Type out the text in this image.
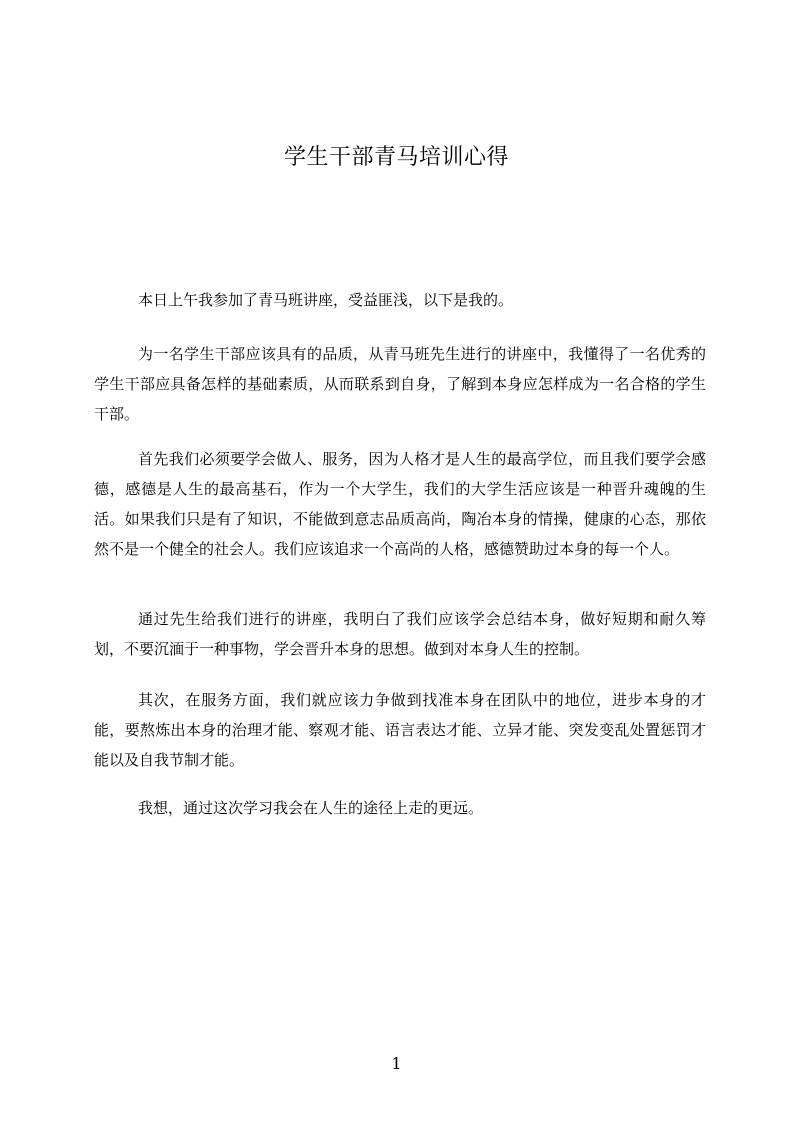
学生干部青马培训心得

本日上午我参加了青马班讲座，受益匪浅，以下是我的。

为一名学生干部应该具有的品质，从青马班先生进行的讲座中，我懂得了一名优秀的学生干部应具备怎样的基础素质，从而联系到自身，了解到本身应怎样成为一名合格的学生干部。

首先我们必须要学会做人、服务，因为人格才是人生的最高学位，而且我们要学会感德，感德是人生的最高基石，作为一个大学生，我们的大学生活应该是一种晋升魂魄的生活。如果我们只是有了知识，不能做到意志品质高尚，陶冶本身的情操，健康的心态，那依然不是一个健全的社会人。我们应该追求一个高尚的人格，感德赞助过本身的每一个人。

通过先生给我们进行的讲座，我明白了我们应该学会总结本身，做好短期和耐久筹划，不要沉湎于一种事物，学会晋升本身的思想。做到对本身人生的控制。

其次，在服务方面，我们就应该力争做到找准本身在团队中的地位，进步本身的才能，要熬炼出本身的治理才能、察观才能、语言表达才能、立异才能、突发变乱处置惩罚才能以及自我节制才能。

我想，通过这次学习我会在人生的途径上走的更远。

1
